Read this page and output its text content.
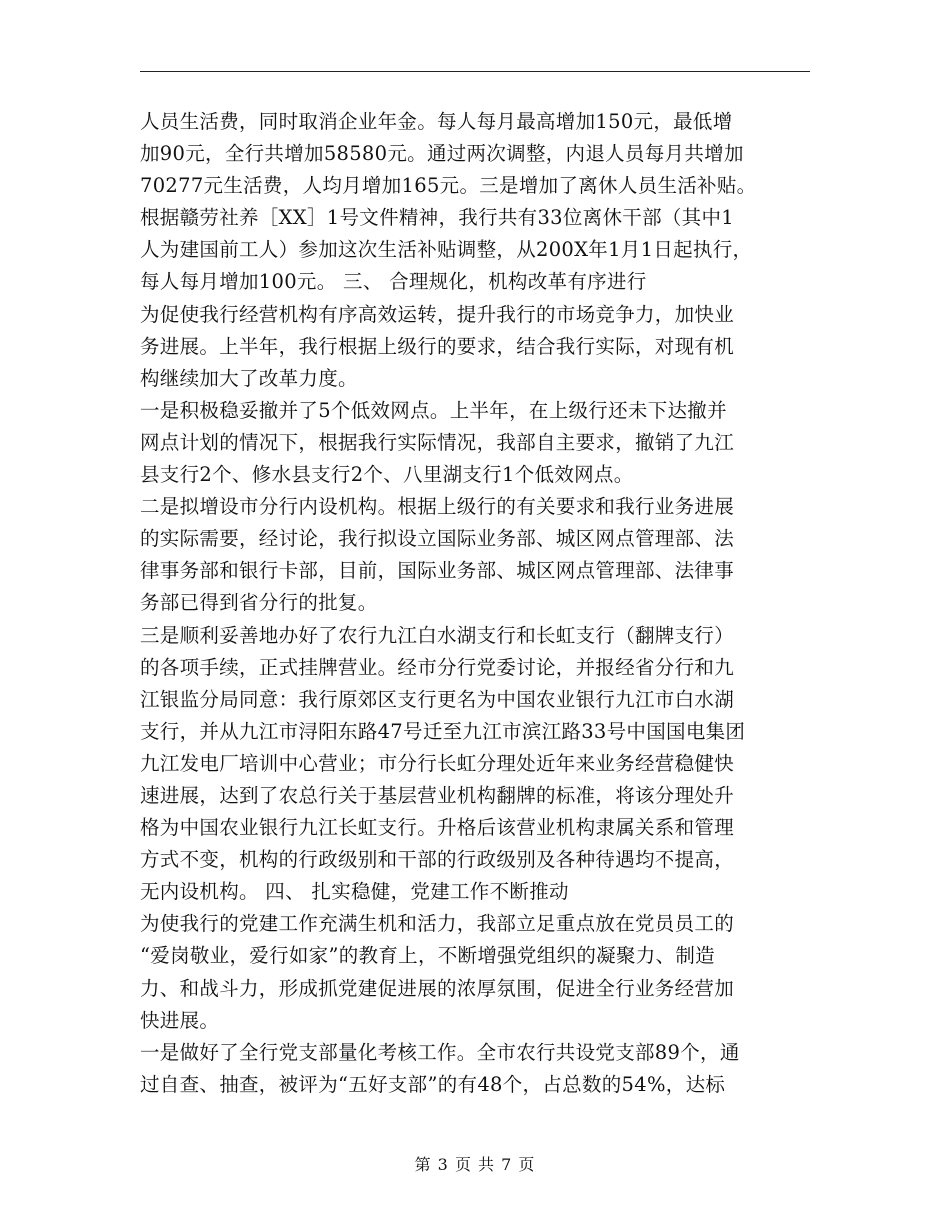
人员生活费，同时取消企业年金。每人每月最高增加150元，最低增
加90元，全行共增加58580元。通过两次调整，内退人员每月共增加
70277元生活费，人均月增加165元。三是增加了离休人员生活补贴。
根据赣劳社养［XX］1号文件精神，我行共有33位离休干部（其中1
人为建国前工人）参加这次生活补贴调整，从200X年1月1日起执行，
每人每月增加100元。 三、 合理规化，机构改革有序进行
为促使我行经营机构有序高效运转，提升我行的市场竞争力，加快业
务进展。上半年，我行根据上级行的要求，结合我行实际，对现有机
构继续加大了改革力度。
一是积极稳妥撤并了5个低效网点。上半年，在上级行还未下达撤并
网点计划的情况下，根据我行实际情况，我部自主要求，撤销了九江
县支行2个、修水县支行2个、八里湖支行1个低效网点。
二是拟增设市分行内设机构。根据上级行的有关要求和我行业务进展
的实际需要，经讨论，我行拟设立国际业务部、城区网点管理部、法
律事务部和银行卡部，目前，国际业务部、城区网点管理部、法律事
务部已得到省分行的批复。
三是顺利妥善地办好了农行九江白水湖支行和长虹支行（翻牌支行）
的各项手续，正式挂牌营业。经市分行党委讨论，并报经省分行和九
江银监分局同意：我行原郊区支行更名为中国农业银行九江市白水湖
支行，并从九江市浔阳东路47号迁至九江市滨江路33号中国国电集团
九江发电厂培训中心营业；市分行长虹分理处近年来业务经营稳健快
速进展，达到了农总行关于基层营业机构翻牌的标准，将该分理处升
格为中国农业银行九江长虹支行。升格后该营业机构隶属关系和管理
方式不变，机构的行政级别和干部的行政级别及各种待遇均不提高，
无内设机构。 四、 扎实稳健，党建工作不断推动
为使我行的党建工作充满生机和活力，我部立足重点放在党员员工的
“爱岗敬业，爱行如家”的教育上，不断增强党组织的凝聚力、制造
力、和战斗力，形成抓党建促进展的浓厚氛围，促进全行业务经营加
快进展。
一是做好了全行党支部量化考核工作。全市农行共设党支部89个，通
过自查、抽查，被评为“五好支部”的有48个，占总数的54%，达标
第 3 页 共 7 页
